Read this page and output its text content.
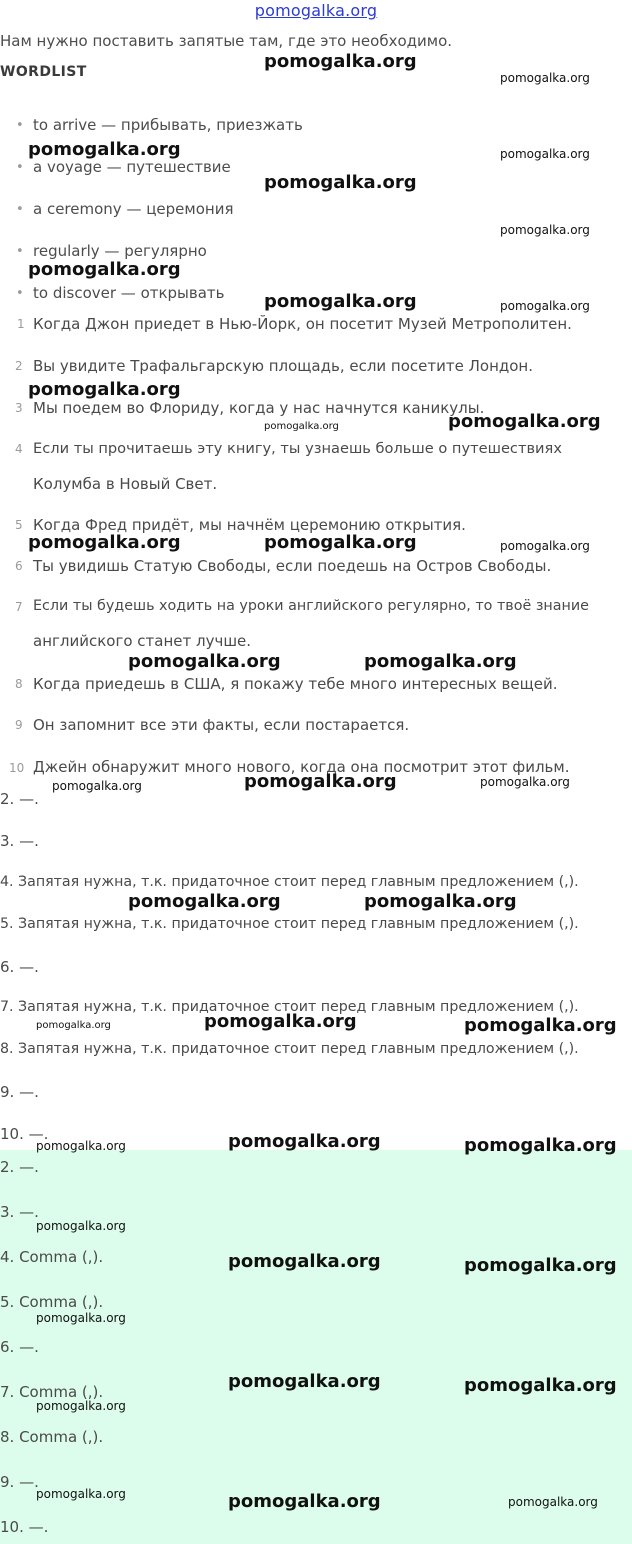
pomogalka.org
Нам нужно поставить запятые там, где это необходимо.
WORDLIST
• to arrive — прибывать, приезжать
• a voyage — путешествие
• a ceremony — церемония
• regularly — регулярно
• to discover — открывать
1 Когда Джон приедет в Нью-Йорк, он посетит Музей Метрополитен.
2 Вы увидите Трафальгарскую площадь, если посетите Лондон.
3 Мы поедем во Флориду, когда у нас начнутся каникулы.
4 Если ты прочитаешь эту книгу, ты узнаешь больше о путешествиях
Колумба в Новый Свет.
5 Когда Фред придёт, мы начнём церемонию открытия.
6 Ты увидишь Статую Свободы, если поедешь на Остров Свободы.
7 Если ты будешь ходить на уроки английского регулярно, то твоё знание
английского станет лучше.
8 Когда приедешь в США, я покажу тебе много интересных вещей.
9 Он запомнит все эти факты, если постарается.
10 Джейн обнаружит много нового, когда она посмотрит этот фильм.
2. —.
3. —.
4. Запятая нужна, т.к. придаточное стоит перед главным предложением (,).
5. Запятая нужна, т.к. придаточное стоит перед главным предложением (,).
6. —.
7. Запятая нужна, т.к. придаточное стоит перед главным предложением (,).
8. Запятая нужна, т.к. придаточное стоит перед главным предложением (,).
9. —.
10. —.
2. —.
3. —.
4. Comma (,).
5. Comma (,).
6. —.
7. Comma (,).
8. Comma (,).
9. —.
10. —.
pomogalka.org
pomogalka.org
pomogalka.org	pomogalka.org
pomogalka.org
pomogalka.org
pomogalka.org
pomogalka.org	pomogalka.org
pomogalka.org
pomogalka.org	pomogalka.org
pomogalka.org	pomogalka.org	pomogalka.org
pomogalka.org	pomogalka.org
pomogalka.org	pomogalka.org	pomogalka.org
pomogalka.org	pomogalka.org
pomogalka.org	pomogalka.org	pomogalka.org
pomogalka.org	pomogalka.org	pomogalka.org
pomogalka.org
pomogalka.org	pomogalka.org
pomogalka.org
pomogalka.org	pomogalka.org
pomogalka.org
pomogalka.org	pomogalka.org	pomogalka.org
